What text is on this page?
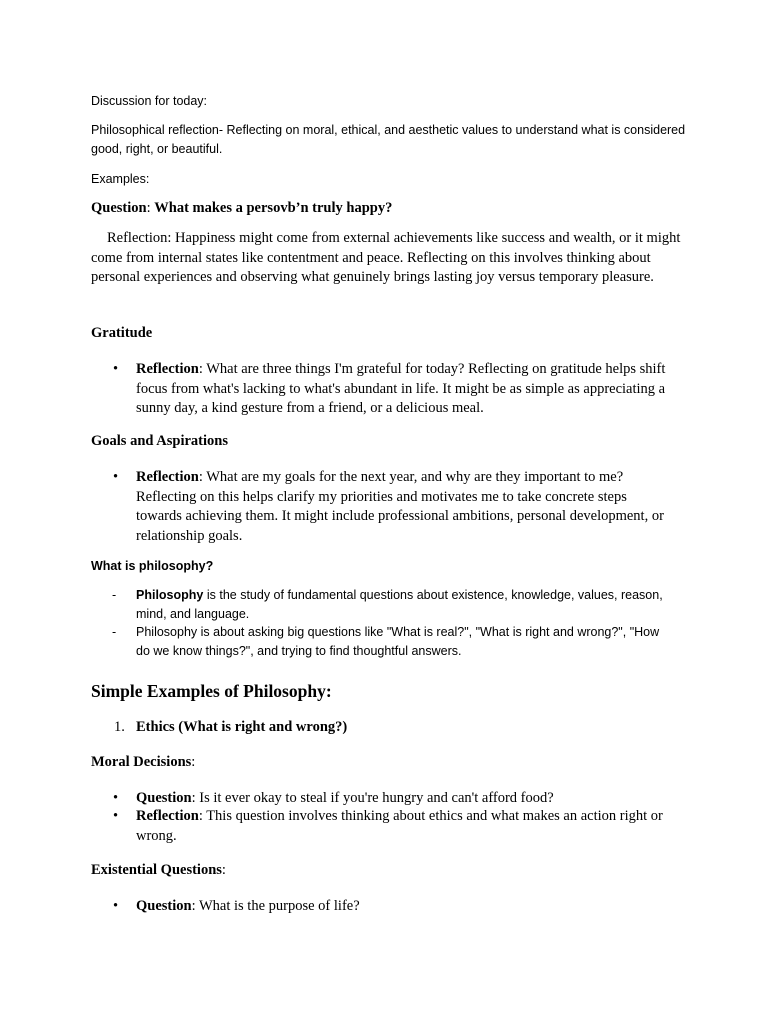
Discussion for today:
Philosophical reflection- Reflecting on moral, ethical, and aesthetic values to understand what is considered good, right, or beautiful.
Examples:
Question: What makes a persovb’n truly happy?
Reflection: Happiness might come from external achievements like success and wealth, or it might come from internal states like contentment and peace. Reflecting on this involves thinking about personal experiences and observing what genuinely brings lasting joy versus temporary pleasure.
Gratitude
•	Reflection: What are three things I'm grateful for today? Reflecting on gratitude helps shift focus from what's lacking to what's abundant in life. It might be as simple as appreciating a sunny day, a kind gesture from a friend, or a delicious meal.
Goals and Aspirations
•	Reflection: What are my goals for the next year, and why are they important to me? Reflecting on this helps clarify my priorities and motivates me to take concrete steps towards achieving them. It might include professional ambitions, personal development, or relationship goals.
What is philosophy?
-	Philosophy is the study of fundamental questions about existence, knowledge, values, reason, mind, and language.
-	Philosophy is about asking big questions like "What is real?", "What is right and wrong?", "How do we know things?", and trying to find thoughtful answers.
Simple Examples of Philosophy:
1. Ethics (What is right and wrong?)
Moral Decisions:
•	Question: Is it ever okay to steal if you're hungry and can't afford food?
•	Reflection: This question involves thinking about ethics and what makes an action right or wrong.
Existential Questions:
•	Question: What is the purpose of life?
